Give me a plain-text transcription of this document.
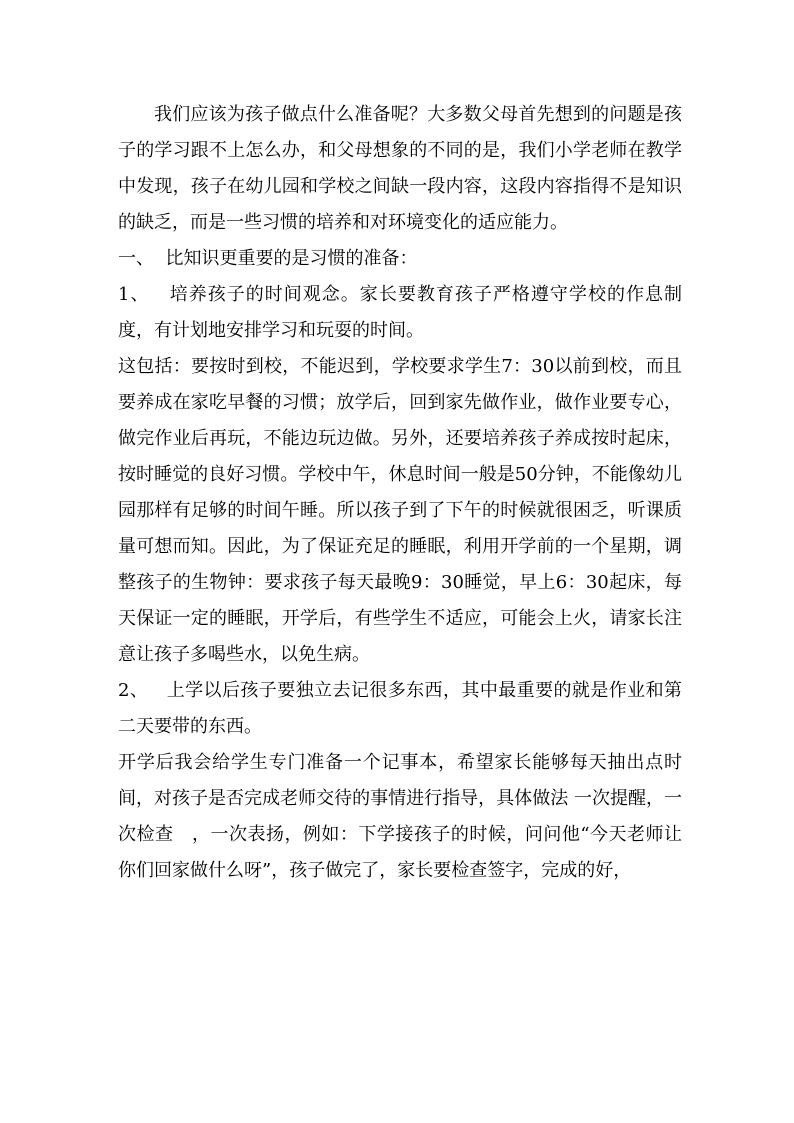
我们应该为孩子做点什么准备呢？大多数父母首先想到的问题是孩子的学习跟不上怎么办，和父母想象的不同的是，我们小学老师在教学中发现，孩子在幼儿园和学校之间缺一段内容，这段内容指得不是知识的缺乏，而是一些习惯的培养和对环境变化的适应能力。

一、 比知识更重要的是习惯的准备：

1、 培养孩子的时间观念。家长要教育孩子严格遵守学校的作息制度，有计划地安排学习和玩耍的时间。

这包括：要按时到校，不能迟到，学校要求学生7：30以前到校，而且要养成在家吃早餐的习惯；放学后，回到家先做作业，做作业要专心，做完作业后再玩，不能边玩边做。另外，还要培养孩子养成按时起床，按时睡觉的良好习惯。学校中午，休息时间一般是50分钟，不能像幼儿园那样有足够的时间午睡。所以孩子到了下午的时候就很困乏，听课质量可想而知。因此，为了保证充足的睡眠，利用开学前的一个星期，调整孩子的生物钟：要求孩子每天最晚9：30睡觉，早上6：30起床，每天保证一定的睡眠，开学后，有些学生不适应，可能会上火，请家长注意让孩子多喝些水，以免生病。

2、 上学以后孩子要独立去记很多东西，其中最重要的就是作业和第二天要带的东西。

开学后我会给学生专门准备一个记事本，希望家长能够每天抽出点时间，对孩子是否完成老师交待的事情进行指导，具体做法 一次提醒，一次检查　，一次表扬，例如：下学接孩子的时候，问问他“今天老师让你们回家做什么呀”，孩子做完了，家长要检查签字，完成的好，
